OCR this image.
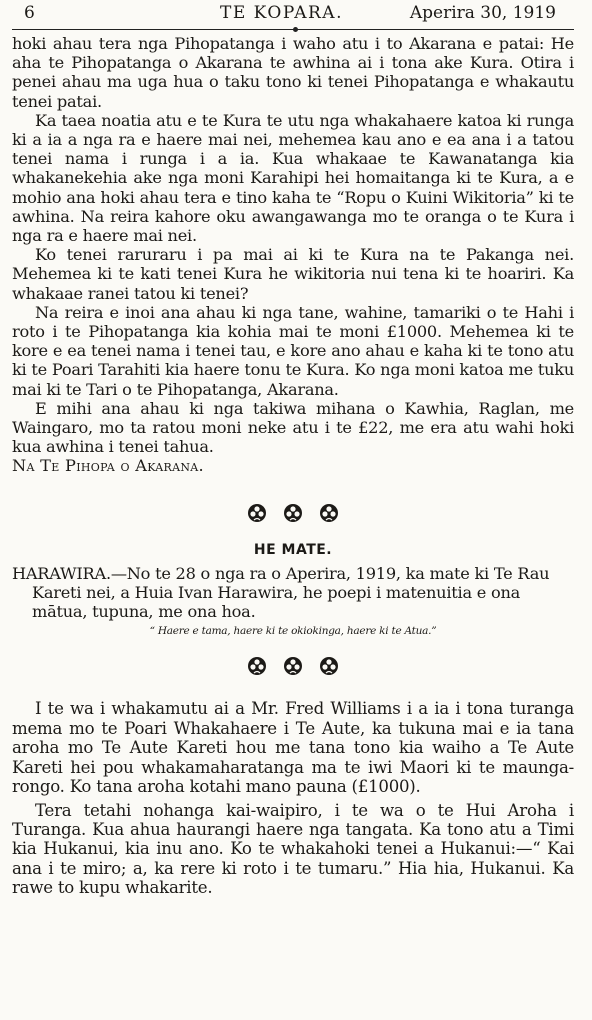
6	TE KOPARA.	Aperira 30, 1919

hoki ahau tera nga Pihopatanga i waho atu i to Akarana e patai: He aha te Pihopatanga o Akarana te awhina ai i tona ake Kura. Otira i penei ahau ma uga hua o taku tono ki tenei Pihopatanga e whakautu tenei patai.

Ka taea noatia atu e te Kura te utu nga whakahaere katoa ki runga ki a ia a nga ra e haere mai nei, mehemea kau ano e ea ana i a tatou tenei nama i runga i a ia. Kua whakaae te Kawanatanga kia whakanekehia ake nga moni Karahipi hei homaitanga ki te Kura, a e mohio ana hoki ahau tera e tino kaha te “Ropu o Kuini Wikitoria” ki te awhina. Na reira kahore oku awangawanga mo te oranga o te Kura i nga ra e haere mai nei.

Ko tenei raruraru i pa mai ai ki te Kura na te Pakanga nei. Mehemea ki te kati tenei Kura he wikitoria nui tena ki te hoariri. Ka whakaae ranei tatou ki tenei?

Na reira e inoi ana ahau ki nga tane, wahine, tamariki o te Hahi i roto i te Pihopatanga kia kohia mai te moni £1000. Mehemea ki te kore e ea tenei nama i tenei tau, e kore ano ahau e kaha ki te tono atu ki te Poari Tarahiti kia haere tonu te Kura. Ko nga moni katoa me tuku mai ki te Tari o te Pihopatanga, Akarana.

E mihi ana ahau ki nga takiwa mihana o Kawhia, Raglan, me Waingaro, mo ta ratou moni neke atu i te £22, me era atu wahi hoki kua awhina i tenei tahua.

Na Te Pihopa o Akarana.

HE MATE.

HARAWIRA.—No te 28 o nga ra o Aperira, 1919, ka mate ki Te Rau Kareti nei, a Huia Ivan Harawira, he poepi i matenuitia e ona mātua, tupuna, me ona hoa.

“ Haere e tama, haere ki te okiokinga, haere ki te Atua.”

I te wa i whakamutu ai a Mr. Fred Williams i a ia i tona turanga mema mo te Poari Whakahaere i Te Aute, ka tukuna mai e ia tana aroha mo Te Aute Kareti hou me tana tono kia waiho a Te Aute Kareti hei pou whakamaharatanga ma te iwi Maori ki te maunga-rongo. Ko tana aroha kotahi mano pauna (£1000).

Tera tetahi nohanga kai-waipiro, i te wa o te Hui Aroha i Turanga. Kua ahua haurangi haere nga tangata. Ka tono atu a Timi kia Hukanui, kia inu ano. Ko te whakahoki tenei a Hukanui:—“ Kai ana i te miro; a, ka rere ki roto i te tumaru.” Hia hia, Hukanui. Ka rawe to kupu whakarite.
